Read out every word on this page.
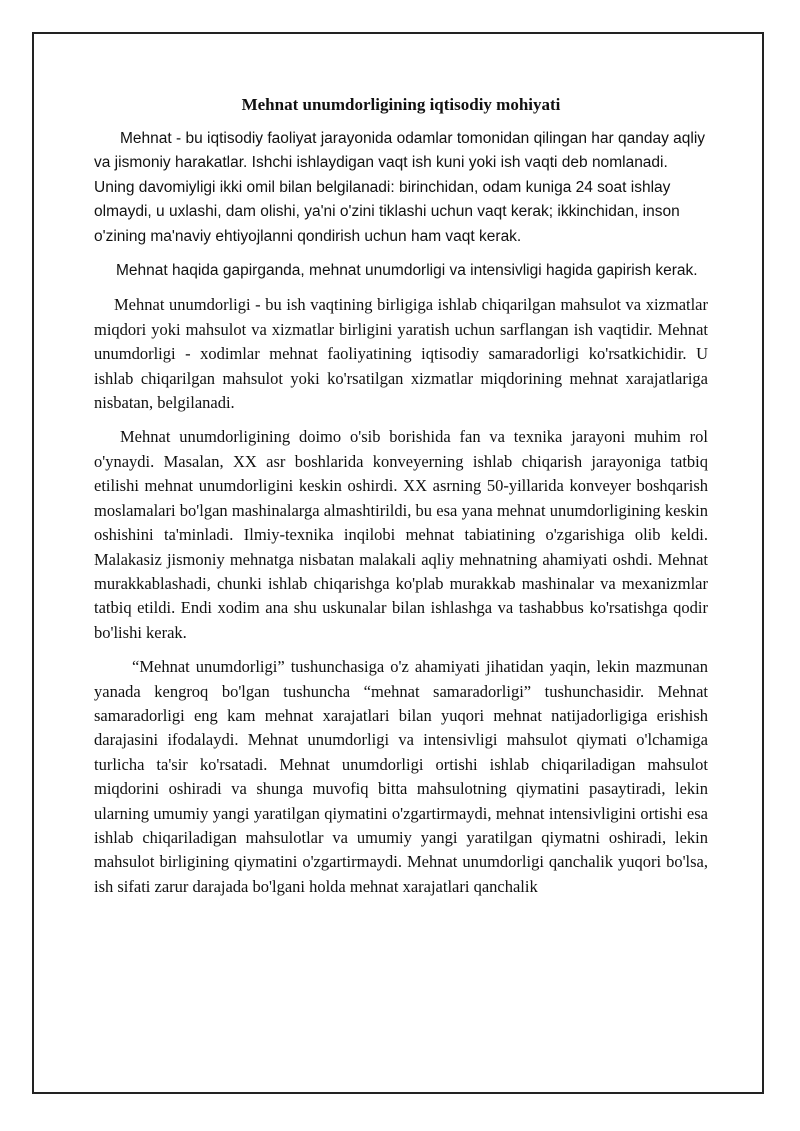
Mehnat unumdorligining iqtisodiy mohiyati

Mehnat - bu iqtisodiy faoliyat jarayonida odamlar tomonidan qilingan har qanday aqliy va jismoniy harakatlar. Ishchi ishlaydigan vaqt ish kuni yoki ish vaqti deb nomlanadi. Uning davomiyligi ikki omil bilan belgilanadi: birinchidan, odam kuniga 24 soat ishlay olmaydi, u uxlashi, dam olishi, ya'ni o'zini tiklashi uchun vaqt kerak; ikkinchidan, inson o'zining ma'naviy ehtiyojlanni qondirish uchun ham vaqt kerak.

Mehnat haqida gapirganda, mehnat unumdorligi va intensivligi hagida gapirish kerak.

Mehnat unumdorligi - bu ish vaqtining birligiga ishlab chiqarilgan mahsulot va xizmatlar miqdori yoki mahsulot va xizmatlar birligini yaratish uchun sarflangan ish vaqtidir. Mehnat unumdorligi - xodimlar mehnat faoliyatining iqtisodiy samaradorligi ko'rsatkichidir. U ishlab chiqarilgan mahsulot yoki ko'rsatilgan xizmatlar miqdorining mehnat xarajatlariga nisbatan, belgilanadi.

Mehnat unumdorligining doimo o'sib borishida fan va texnika jarayoni muhim rol o'ynaydi. Masalan, XX asr boshlarida konveyerning ishlab chiqarish jarayoniga tatbiq etilishi mehnat unumdorligini keskin oshirdi. XX asrning 50-yillarida konveyer boshqarish moslamalari bo'lgan mashinalarga almashtirildi, bu esa yana mehnat unumdorligining keskin oshishini ta'minladi. Ilmiy-texnika inqilobi mehnat tabiatining o'zgarishiga olib keldi. Malakasiz jismoniy mehnatga nisbatan malakali aqliy mehnatning ahamiyati oshdi. Mehnat murakkablashadi, chunki ishlab chiqarishga ko'plab murakkab mashinalar va mexanizmlar tatbiq etildi. Endi xodim ana shu uskunalar bilan ishlashga va tashabbus ko'rsatishga qodir bo'lishi kerak.

“Mehnat unumdorligi” tushunchasiga o'z ahamiyati jihatidan yaqin, lekin mazmunan yanada kengroq bo'lgan tushuncha “mehnat samaradorligi” tushunchasidir. Mehnat samaradorligi eng kam mehnat xarajatlari bilan yuqori mehnat natijadorligiga erishish darajasini ifodalaydi. Mehnat unumdorligi va intensivligi mahsulot qiymati o'lchamiga turlicha ta'sir ko'rsatadi. Mehnat unumdorligi ortishi ishlab chiqariladigan mahsulot miqdorini oshiradi va shunga muvofiq bitta mahsulotning qiymatini pasaytiradi, lekin ularning umumiy yangi yaratilgan qiymatini o'zgartirmaydi, mehnat intensivligini ortishi esa ishlab chiqariladigan mahsulotlar va umumiy yangi yaratilgan qiymatni oshiradi, lekin mahsulot birligining qiymatini o'zgartirmaydi. Mehnat unumdorligi qanchalik yuqori bo'lsa, ish sifati zarur darajada bo'lgani holda mehnat xarajatlari qanchalik
